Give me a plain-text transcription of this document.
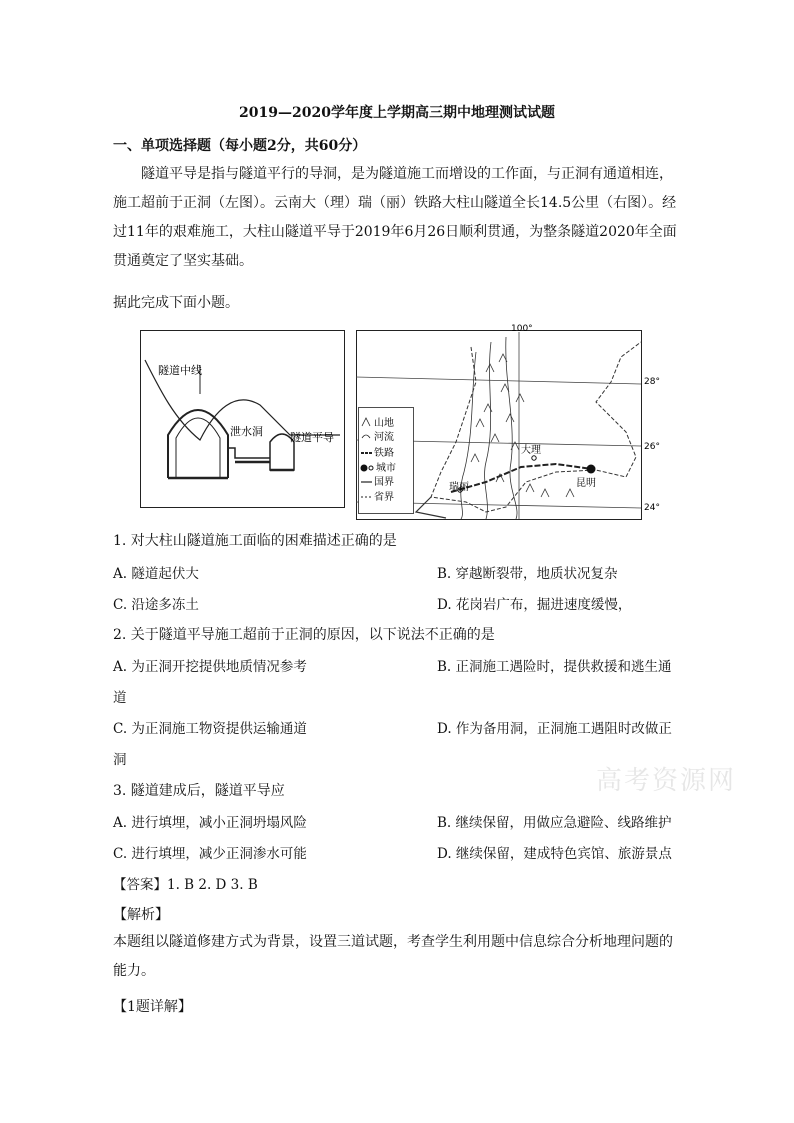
2019—2020学年度上学期高三期中地理测试试题
一、单项选择题（每小题2分，共60分）
隧道平导是指与隧道平行的导洞，是为隧道施工而增设的工作面，与正洞有通道相连，施工超前于正洞（左图）。云南大（理）瑞（丽）铁路大柱山隧道全长14.5公里（右图）。经过11年的艰难施工，大柱山隧道平导于2019年6月26日顺利贯通，为整条隧道2020年全面贯通奠定了坚实基础。
据此完成下面小题。
隧道中线
泄水洞 隧道平导
100°
28°
26°
24°
大理
昆明
瑞丽
山地
河流
铁路
城市
国界
省界
1. 对大柱山隧道施工面临的困难描述正确的是
A. 隧道起伏大	B. 穿越断裂带，地质状况复杂
C. 沿途多冻土	D. 花岗岩广布，掘进速度缓慢，
2. 关于隧道平导施工超前于正洞的原因，以下说法不正确的是
A. 为正洞开挖提供地质情况参考	B. 正洞施工遇险时，提供救援和逃生通
道
C. 为正洞施工物资提供运输通道	D. 作为备用洞，正洞施工遇阻时改做正
洞
3. 隧道建成后，隧道平导应
A. 进行填埋，减小正洞坍塌风险	B. 继续保留，用做应急避险、线路维护
C. 进行填埋，减少正洞渗水可能	D. 继续保留，建成特色宾馆、旅游景点
高考资源网
【答案】1. B 2. D 3. B
【解析】
本题组以隧道修建方式为背景，设置三道试题，考查学生利用题中信息综合分析地理问题的能力。
【1题详解】
